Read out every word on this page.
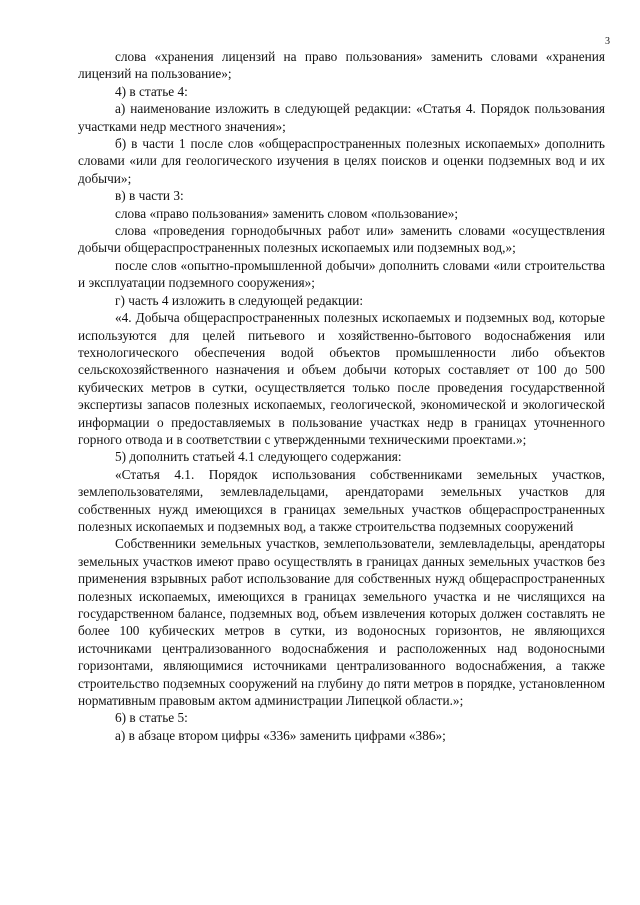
3

слова «хранения лицензий на право пользования» заменить словами «хранения лицензий на пользование»;

4) в статье 4:

а) наименование изложить в следующей редакции: «Статья 4. Порядок пользования участками недр местного значения»;

б) в части 1 после слов «общераспространенных полезных ископаемых» дополнить словами «или для геологического изучения в целях поисков и оценки подземных вод и их добычи»;

в) в части 3:

слова «право пользования» заменить словом «пользование»;

слова «проведения горнодобычных работ или» заменить словами «осуществления добычи общераспространенных полезных ископаемых или подземных вод,»;

после слов «опытно-промышленной добычи» дополнить словами «или строительства и эксплуатации подземного сооружения»;

г) часть 4 изложить в следующей редакции:

«4. Добыча общераспространенных полезных ископаемых и подземных вод, которые используются для целей питьевого и хозяйственно-бытового водоснабжения или технологического обеспечения водой объектов промышленности либо объектов сельскохозяйственного назначения и объем добычи которых составляет от 100 до 500 кубических метров в сутки, осуществляется только после проведения государственной экспертизы запасов полезных ископаемых, геологической, экономической и экологической информации о предоставляемых в пользование участках недр в границах уточненного горного отвода и в соответствии с утвержденными техническими проектами.»;

5) дополнить статьей 4.1 следующего содержания:

«Статья 4.1. Порядок использования собственниками земельных участков, землепользователями, землевладельцами, арендаторами земельных участков для собственных нужд имеющихся в границах земельных участков общераспространенных полезных ископаемых и подземных вод, а также строительства подземных сооружений

Собственники земельных участков, землепользователи, землевладельцы, арендаторы земельных участков имеют право осуществлять в границах данных земельных участков без применения взрывных работ использование для собственных нужд общераспространенных полезных ископаемых, имеющихся в границах земельного участка и не числящихся на государственном балансе, подземных вод, объем извлечения которых должен составлять не более 100 кубических метров в сутки, из водоносных горизонтов, не являющихся источниками централизованного водоснабжения и расположенных над водоносными горизонтами, являющимися источниками централизованного водоснабжения, а также строительство подземных сооружений на глубину до пяти метров в порядке, установленном нормативным правовым актом администрации Липецкой области.»;

6) в статье 5:

а) в абзаце втором цифры «336» заменить цифрами «386»;
